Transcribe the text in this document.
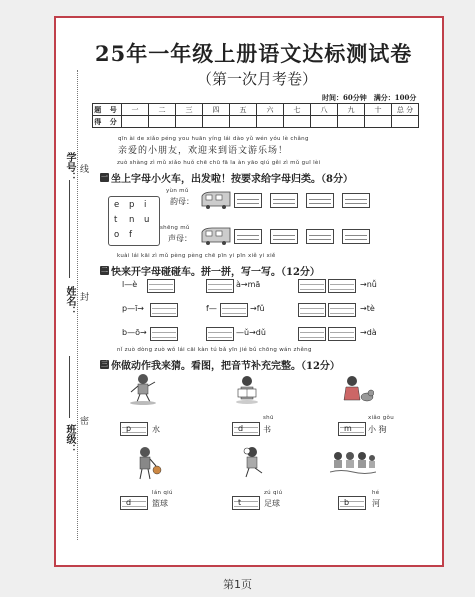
学号： 线
姓名： 封
班级：
密
25年一年级上册语文达标测试卷
（第一次月考卷）
时间：60分钟　满分：100分
题 号	一	二	三	四	五	六	七	八	九	十	总 分
得 分											
qīn ài de xiǎo péng you huān yíng lái dào yǔ wén yóu lè chǎng
亲爱的小朋友，欢迎来到语文游乐场！
zuò shàng zì mǔ xiǎo huǒ chē chū fā la àn yāo qiú gěi zì mǔ guī lèi
一 坐上字母小火车，出发啦！按要求给字母归类。（8分）
e p i
t n u
o f
yùn mǔ
韵母：
shēng mǔ
声母：
kuài lái kāi zì mǔ pèng pèng chē pīn yi pīn xiě yi xiě
二 快来开字母碰碰车。拼一拼，写一写。（12分）
l—è	à→mā	→nǚ
p—ī→	f—	→fǔ	→tè
b—ō→	—ǔ→dǔ	→dà
nǐ zuò dòng zuò wǒ lái cāi kàn tú bǎ yīn jié bǔ chōng wán zhěng
三 你做动作我来猜。看图，把音节补充完整。（12分）
p	水
shū
d 书
xiǎo gǒu
m 小 狗
lán qiú
d	篮球
zú qiú
t	足球
hé
b	河
第1页
